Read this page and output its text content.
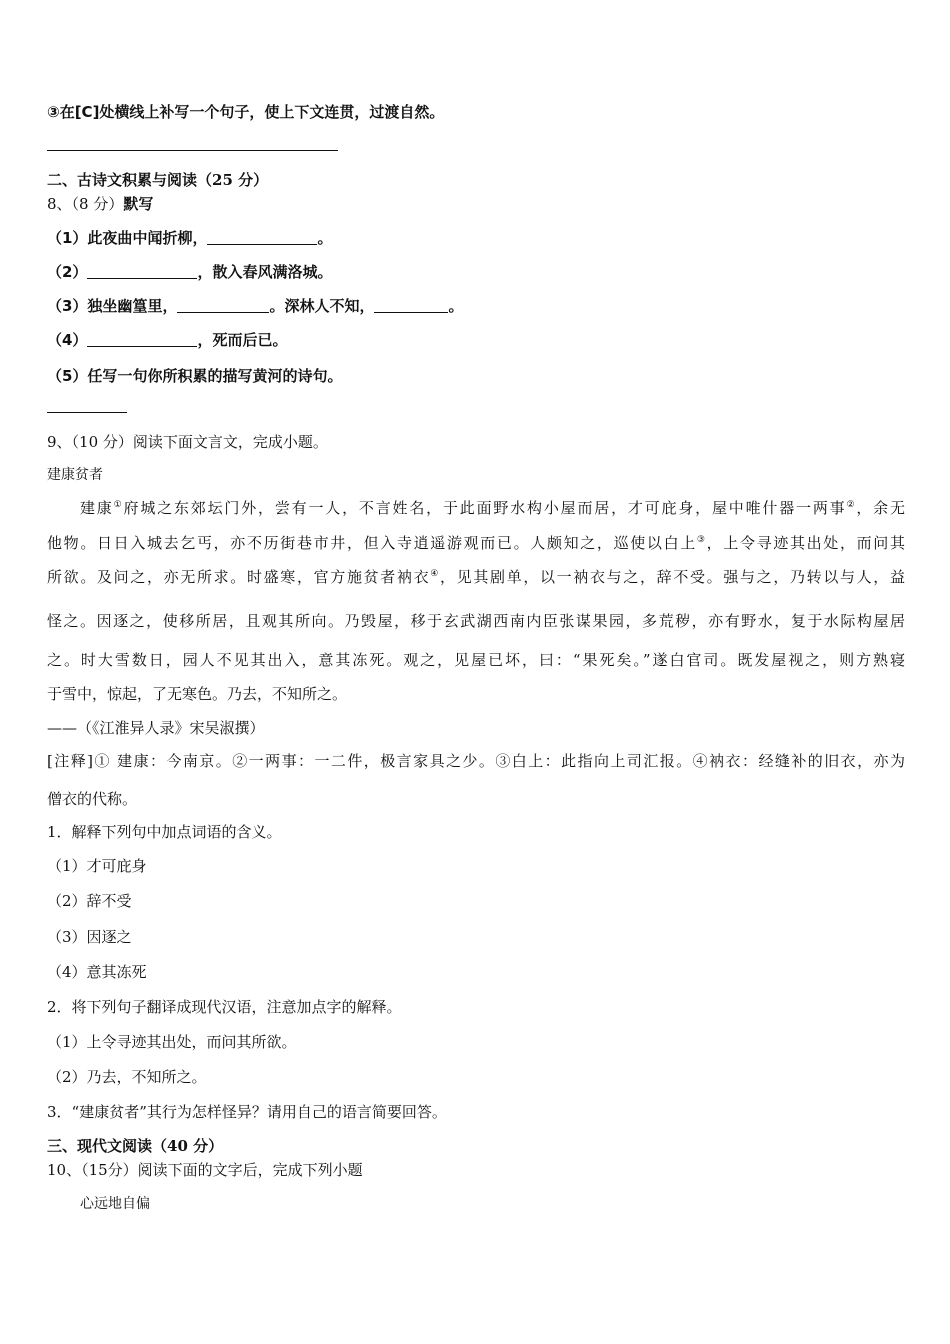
③在[C]处横线上补写一个句子，使上下文连贯，过渡自然。
二、古诗文积累与阅读（25 分）
8、（8 分）默写
（1）此夜曲中闻折柳，	。
（2）	，散入春风满洛城。
（3）独坐幽篁里，	。深林人不知，	。
（4）	，死而后已。
（5）任写一句你所积累的描写黄河的诗句。
9、（10 分）阅读下面文言文，完成小题。
建康贫者
建康①府城之东郊坛门外，尝有一人，不言姓名，于此面野水构小屋而居，才可庇身，屋中唯什器一两事②，余无
他物。日日入城去乞丐，亦不历街巷市井，但入寺逍遥游观而已。人颇知之，巡使以白上③，上令寻迹其出处，而问其
所欲。及问之，亦无所求。时盛寒，官方施贫者衲衣④，见其剧单，以一衲衣与之，辞不受。强与之，乃转以与人，益
怪之。因逐之，使移所居，且观其所向。乃毁屋，移于玄武湖西南内臣张谋果园，多荒秽，亦有野水，复于水际构屋居
之。时大雪数日，园人不见其出入，意其冻死。观之，见屋已坏，曰：“果死矣。”遂白官司。既发屋视之，则方熟寝
于雪中，惊起，了无寒色。乃去，不知所之。
——（《江淮异人录》宋吴淑撰）
[注释]① 建康：今南京。②一两事：一二件，极言家具之少。③白上：此指向上司汇报。④衲衣：经缝补的旧衣，亦为
僧衣的代称。
1．解释下列句中加点词语的含义。
（1）才可庇身
（2）辞不受
（3）因逐之
（4）意其冻死
2．将下列句子翻译成现代汉语，注意加点字的解释。
（1）上令寻迹其出处，而问其所欲。
（2）乃去，不知所之。
3．“建康贫者”其行为怎样怪异？请用自己的语言简要回答。
三、现代文阅读（40 分）
10、（15分）阅读下面的文字后，完成下列小题
心远地自偏
